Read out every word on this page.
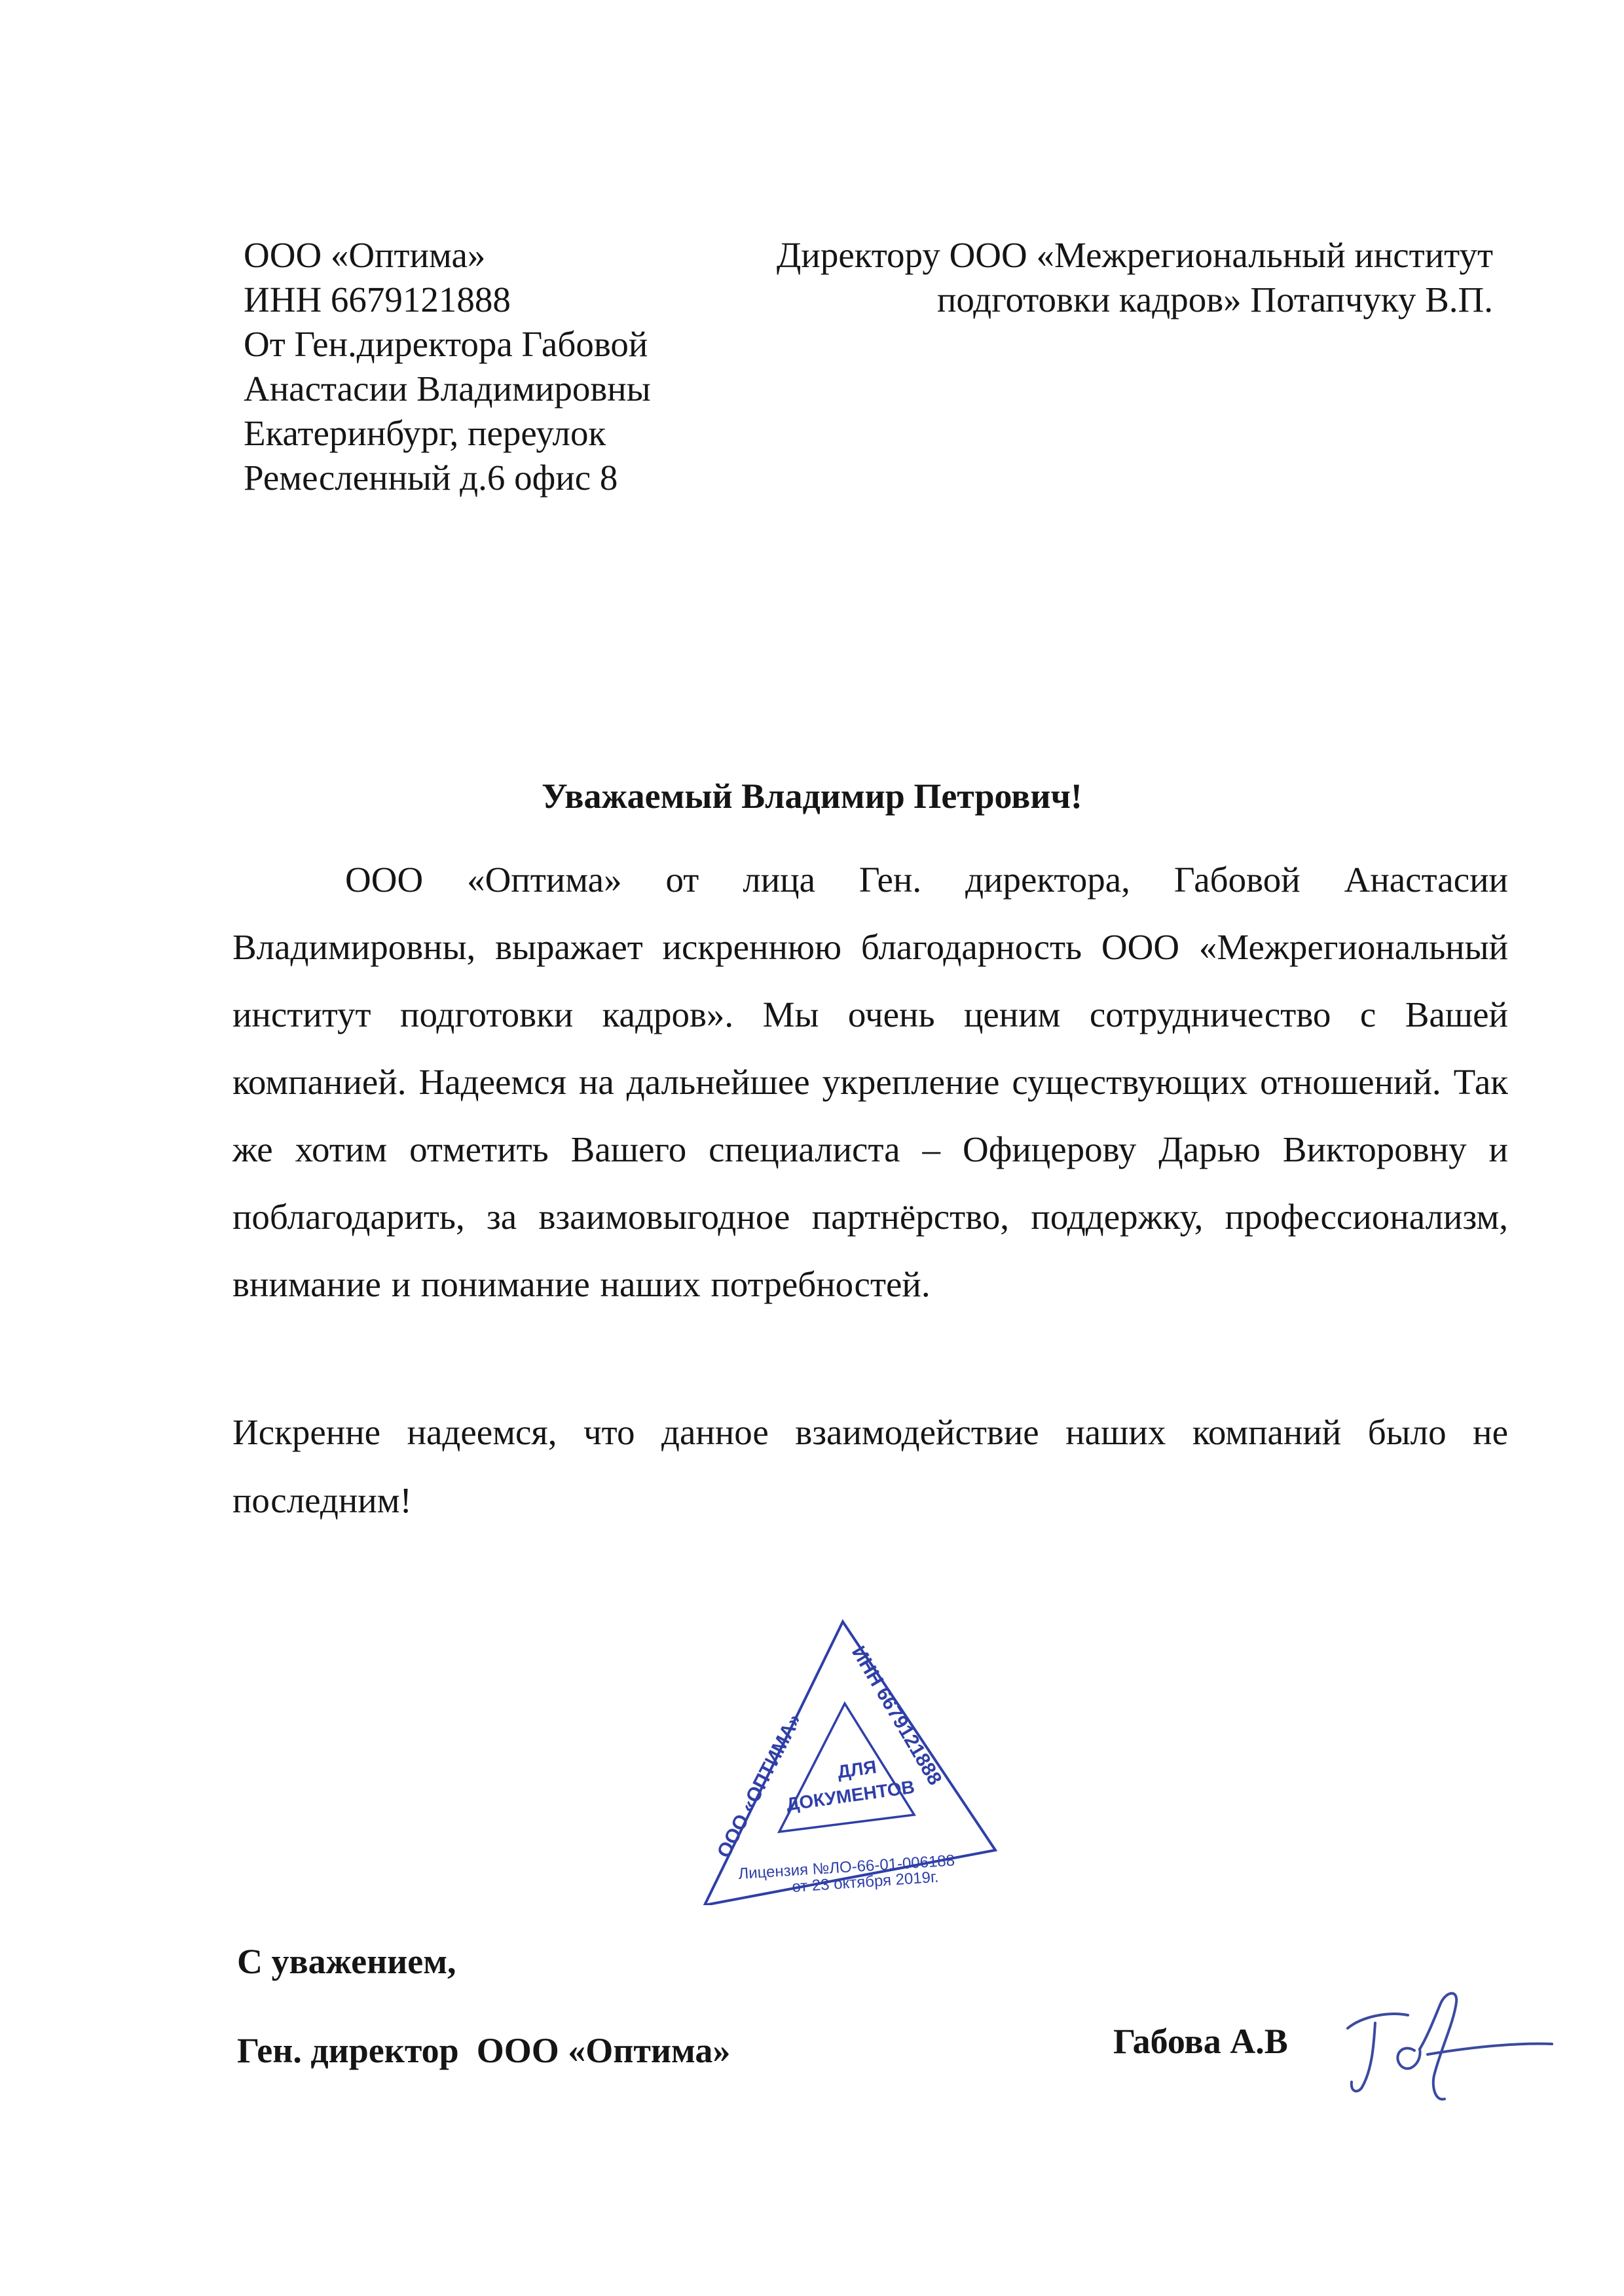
ООО «Оптима»
ИНН 6679121888
От Ген.директора Габовой
Анастасии Владимировны
Екатеринбург, переулок
Ремесленный д.6 офис 8
Директору ООО «Межрегиональный институт
подготовки кадров» Потапчуку В.П.
Уважаемый Владимир Петрович!
ООО «Оптима» от лица Ген. директора, Габовой Анастасии Владимировны, выражает искреннюю благодарность ООО «Межрегиональный институт подготовки кадров». Мы очень ценим сотрудничество с Вашей компанией. Надеемся на дальнейшее укрепление существующих отношений. Так же хотим отметить Вашего специалиста – Офицерову Дарью Викторовну и поблагодарить, за взаимовыгодное партнёрство, поддержку, профессионализм, внимание и понимание наших потребностей.
Искренне надеемся, что данное взаимодействие наших компаний было не последним!
ООО «ОПТИМА»
ИНН 6679121888
ДЛЯ
ДОКУМЕНТОВ
Лицензия №ЛО-66-01-006188
от 23 октября 2019г.
С уважением,
Ген. директор  ООО «Оптима»	Габова А.В
